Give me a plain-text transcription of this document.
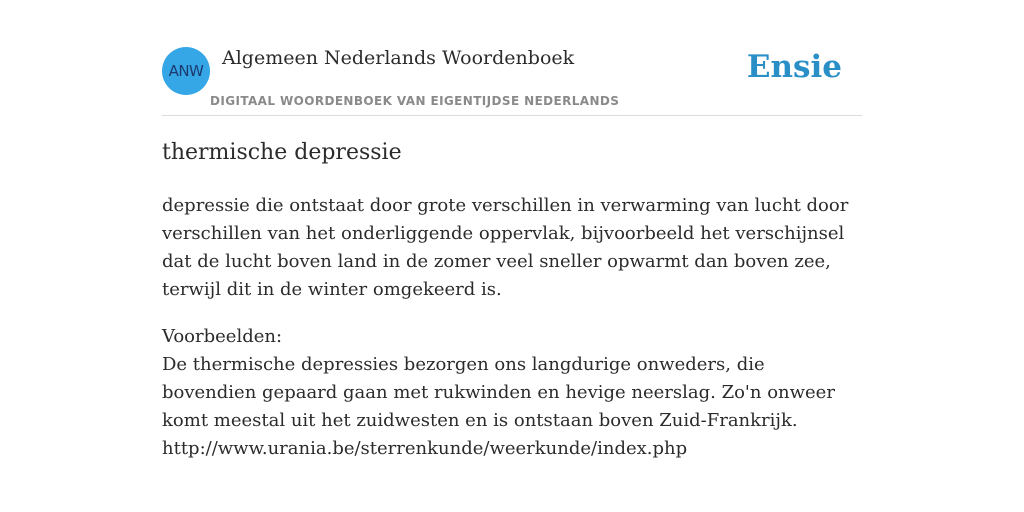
ANW
Algemeen Nederlands Woordenboek
DIGITAAL WOORDENBOEK VAN EIGENTIJDSE NEDERLANDS
Ensie
thermische depressie

depressie die ontstaat door grote verschillen in verwarming van lucht door verschillen van het onderliggende oppervlak, bijvoorbeeld het verschijnsel dat de lucht boven land in de zomer veel sneller opwarmt dan boven zee, terwijl dit in de winter omgekeerd is.

Voorbeelden:
De thermische depressies bezorgen ons langdurige onweders, die bovendien gepaard gaan met rukwinden en hevige neerslag. Zo'n onweer komt meestal uit het zuidwesten en is ontstaan boven Zuid-Frankrijk.
http://www.urania.be/sterrenkunde/weerkunde/index.php
